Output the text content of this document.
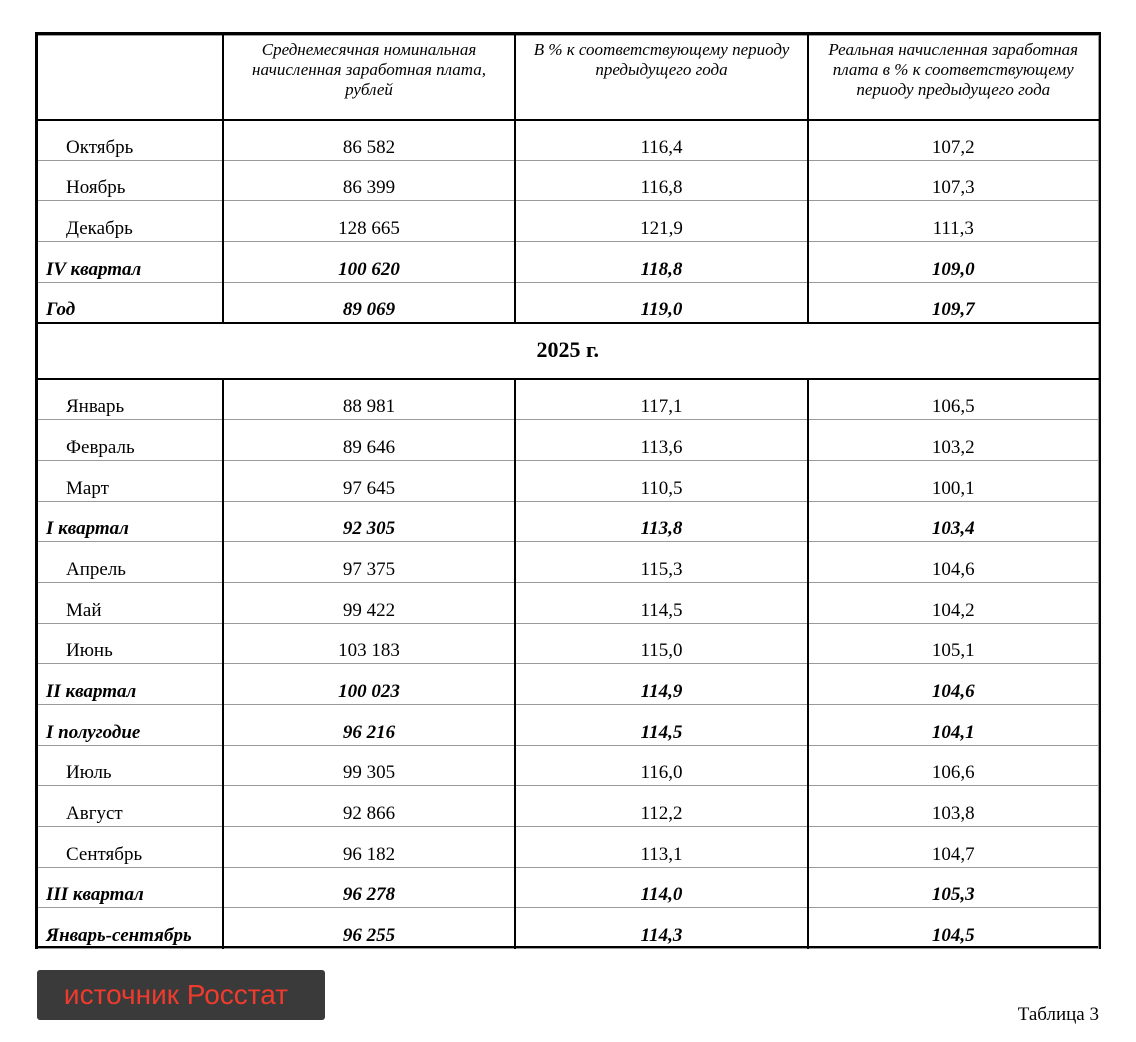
	Среднемесячная номинальная начисленная заработная плата, рублей	В % к соответствующему периоду предыдущего года	Реальная начисленная заработная плата в % к соответствующему периоду предыдущего года
Октябрь	86 582	116,4	107,2
Ноябрь	86 399	116,8	107,3
Декабрь	128 665	121,9	111,3
IV квартал	100 620	118,8	109,0
Год	89 069	119,0	109,7
2025 г.			
Январь	88 981	117,1	106,5
Февраль	89 646	113,6	103,2
Март	97 645	110,5	100,1
I квартал	92 305	113,8	103,4
Апрель	97 375	115,3	104,6
Май	99 422	114,5	104,2
Июнь	103 183	115,0	105,1
II квартал	100 023	114,9	104,6
I полугодие	96 216	114,5	104,1
Июль	99 305	116,0	106,6
Август	92 866	112,2	103,8
Сентябрь	96 182	113,1	104,7
III квартал	96 278	114,0	105,3
Январь-сентябрь	96 255	114,3	104,5
источник Росстат
Таблица 3
